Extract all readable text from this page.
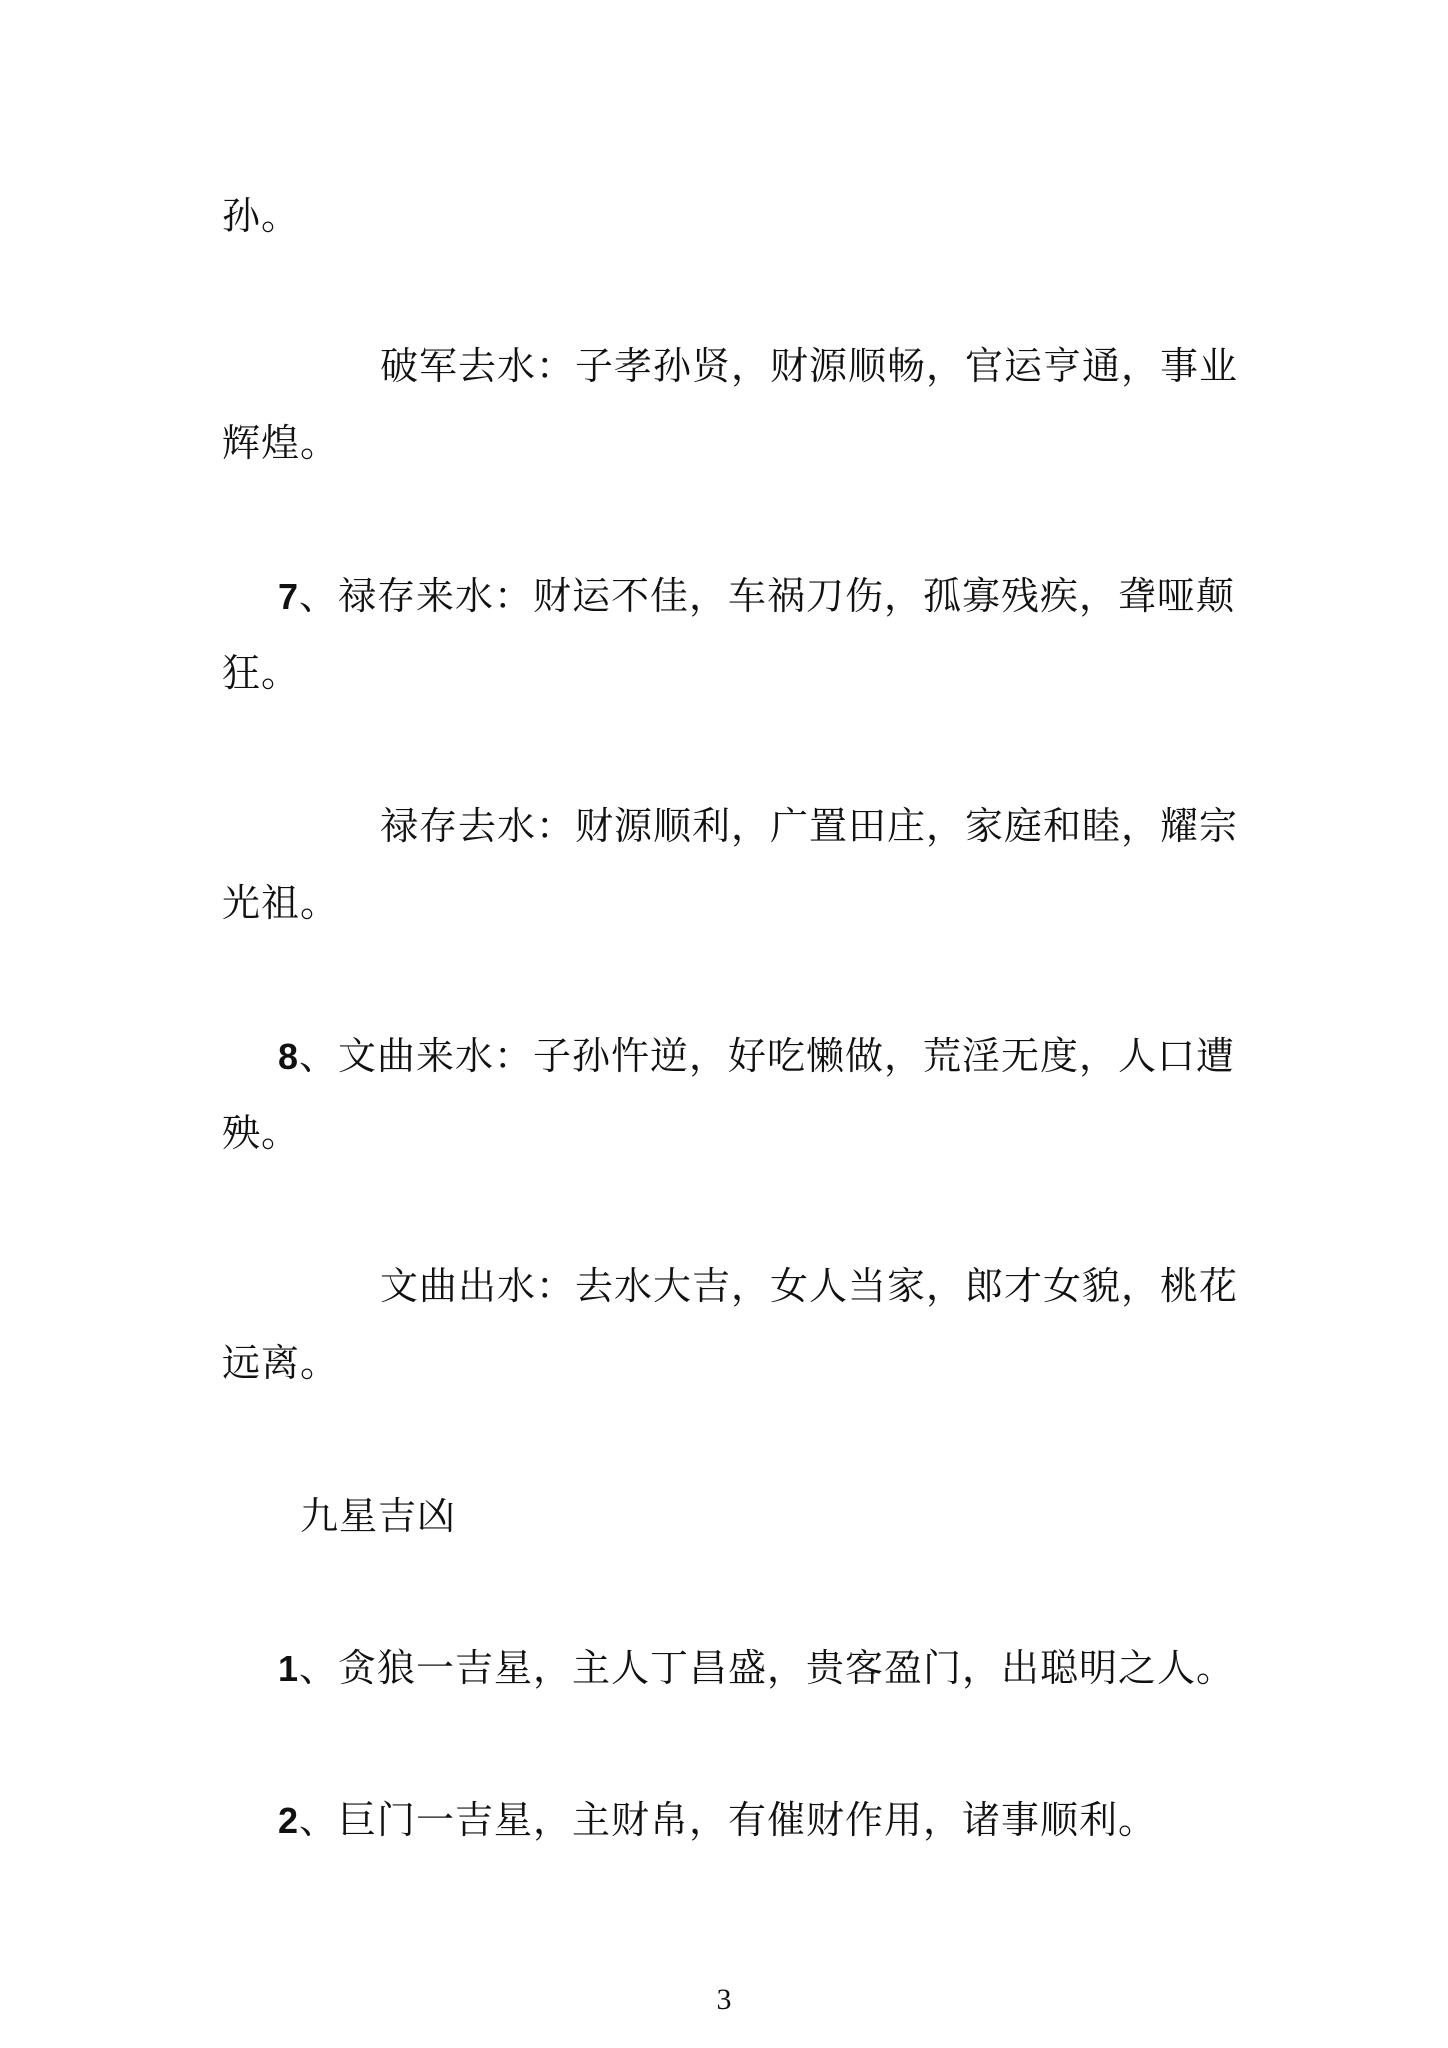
孙。
破军去水：子孝孙贤，财源顺畅，官运亨通，事业
辉煌。
7、禄存来水：财运不佳，车祸刀伤，孤寡残疾，聋哑颠
狂。
禄存去水：财源顺利，广置田庄，家庭和睦，耀宗
光祖。
8、文曲来水：子孙忤逆，好吃懒做，荒淫无度，人口遭
殃。
文曲出水：去水大吉，女人当家，郎才女貌，桃花
远离。
九星吉凶
1、贪狼一吉星，主人丁昌盛，贵客盈门，出聪明之人。
2、巨门一吉星，主财帛，有催财作用，诸事顺利。
3
